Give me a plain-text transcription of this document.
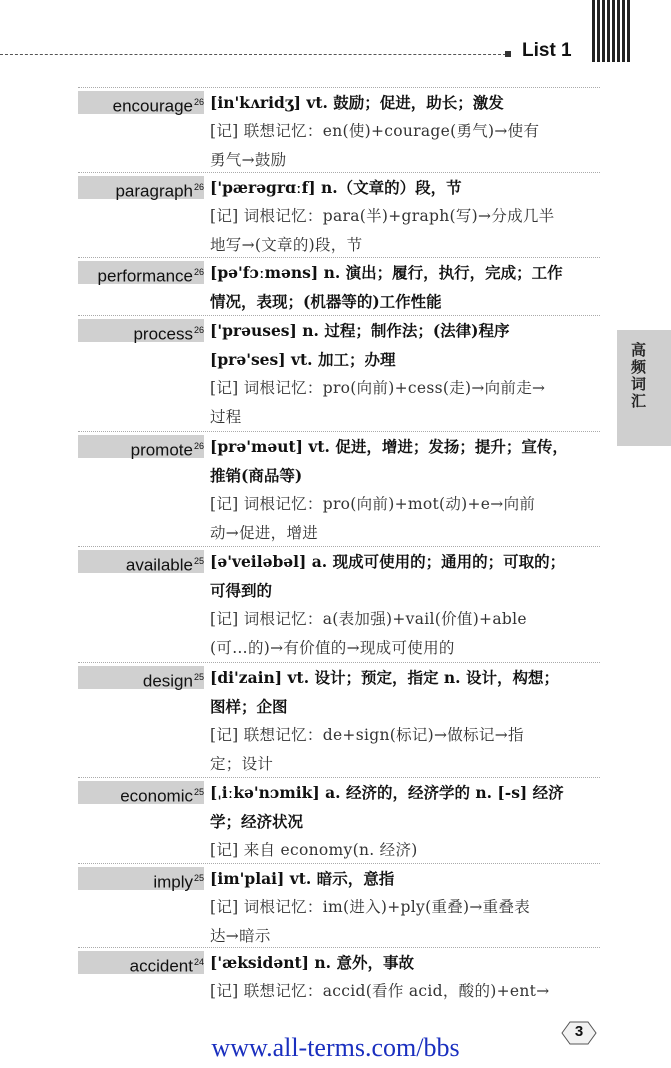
List 1
高频词汇
encourage$^{26}$ [in'kʌridʒ] vt. 鼓励；促进，助长；激发

[记] 联想记忆：en(使)+courage(勇气)→使有

勇气→鼓励

paragraph$^{26}$ ['pærəgrɑːf] n.（文章的）段，节

[记] 词根记忆：para(半)+graph(写)→分成几半

地写→(文章的)段，节

performance$^{26}$ [pə'fɔːməns] n. 演出；履行，执行，完成；工作

情况，表现；(机器等的)工作性能

process$^{26}$ ['prəuses] n. 过程；制作法；(法律)程序

[prə'ses] vt. 加工；办理

[记] 词根记忆：pro(向前)+cess(走)→向前走→

过程

promote$^{26}$ [prə'məut] vt. 促进，增进；发扬；提升；宣传，

推销(商品等)

[记] 词根记忆：pro(向前)+mot(动)+e→向前

动→促进，增进

available$^{25}$ [ə'veiləbəl] a. 现成可使用的；通用的；可取的；

可得到的

[记] 词根记忆：a(表加强)+vail(价值)+able

(可…的)→有价值的→现成可使用的

design$^{25}$ [di'zain] vt. 设计；预定，指定 n. 设计，构想；

图样；企图

[记] 联想记忆：de+sign(标记)→做标记→指

定；设计

economic$^{25}$ [ˌiːkə'nɔmik] a. 经济的，经济学的 n. [-s] 经济

学；经济状况

[记] 来自 economy(n. 经济)

imply$^{25}$ [im'plai] vt. 暗示，意指

[记] 词根记忆：im(进入)+ply(重叠)→重叠表

达→暗示

accident$^{24}$ ['æksidənt] n. 意外，事故

[记] 联想记忆：accid(看作 acid，酸的)+ent→

3
www.all-terms.com/bbs
